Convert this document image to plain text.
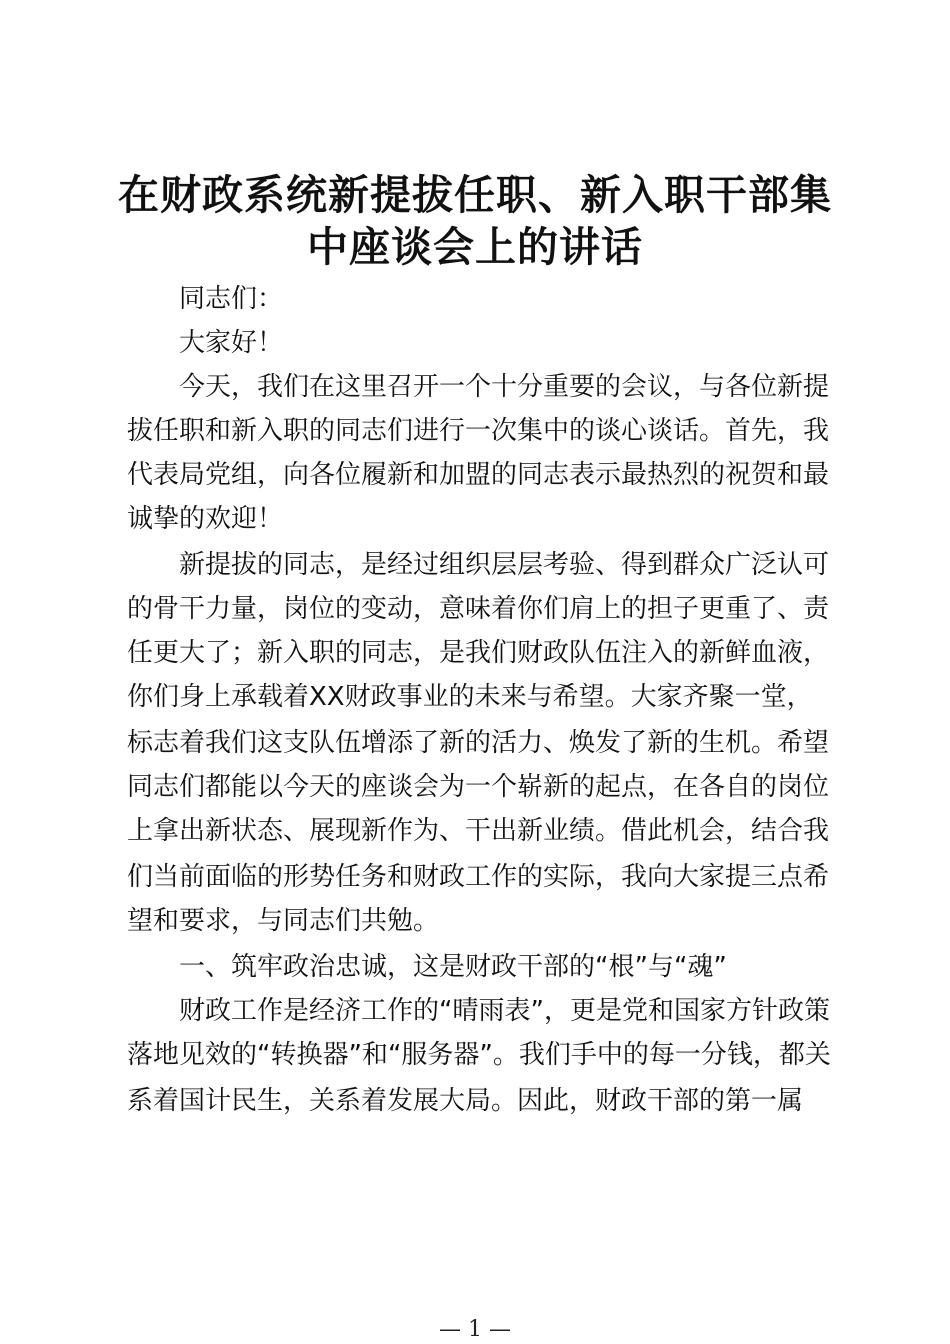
在财政系统新提拔任职、新入职干部集
中座谈会上的讲话

同志们：

大家好！

今天，我们在这里召开一个十分重要的会议，与各位新提

拔任职和新入职的同志们进行一次集中的谈心谈话。首先，我

代表局党组，向各位履新和加盟的同志表示最热烈的祝贺和最

诚挚的欢迎！

新提拔的同志，是经过组织层层考验、得到群众广泛认可

的骨干力量，岗位的变动，意味着你们肩上的担子更重了、责

任更大了；新入职的同志，是我们财政队伍注入的新鲜血液，

你们身上承载着XX财政事业的未来与希望。大家齐聚一堂，

标志着我们这支队伍增添了新的活力、焕发了新的生机。希望

同志们都能以今天的座谈会为一个崭新的起点，在各自的岗位

上拿出新状态、展现新作为、干出新业绩。借此机会，结合我

们当前面临的形势任务和财政工作的实际，我向大家提三点希

望和要求，与同志们共勉。

一、筑牢政治忠诚，这是财政干部的“根”与“魂”

财政工作是经济工作的“晴雨表”，更是党和国家方针政策

落地见效的“转换器”和“服务器”。我们手中的每一分钱，都关

系着国计民生，关系着发展大局。因此，财政干部的第一属

— 1 —
